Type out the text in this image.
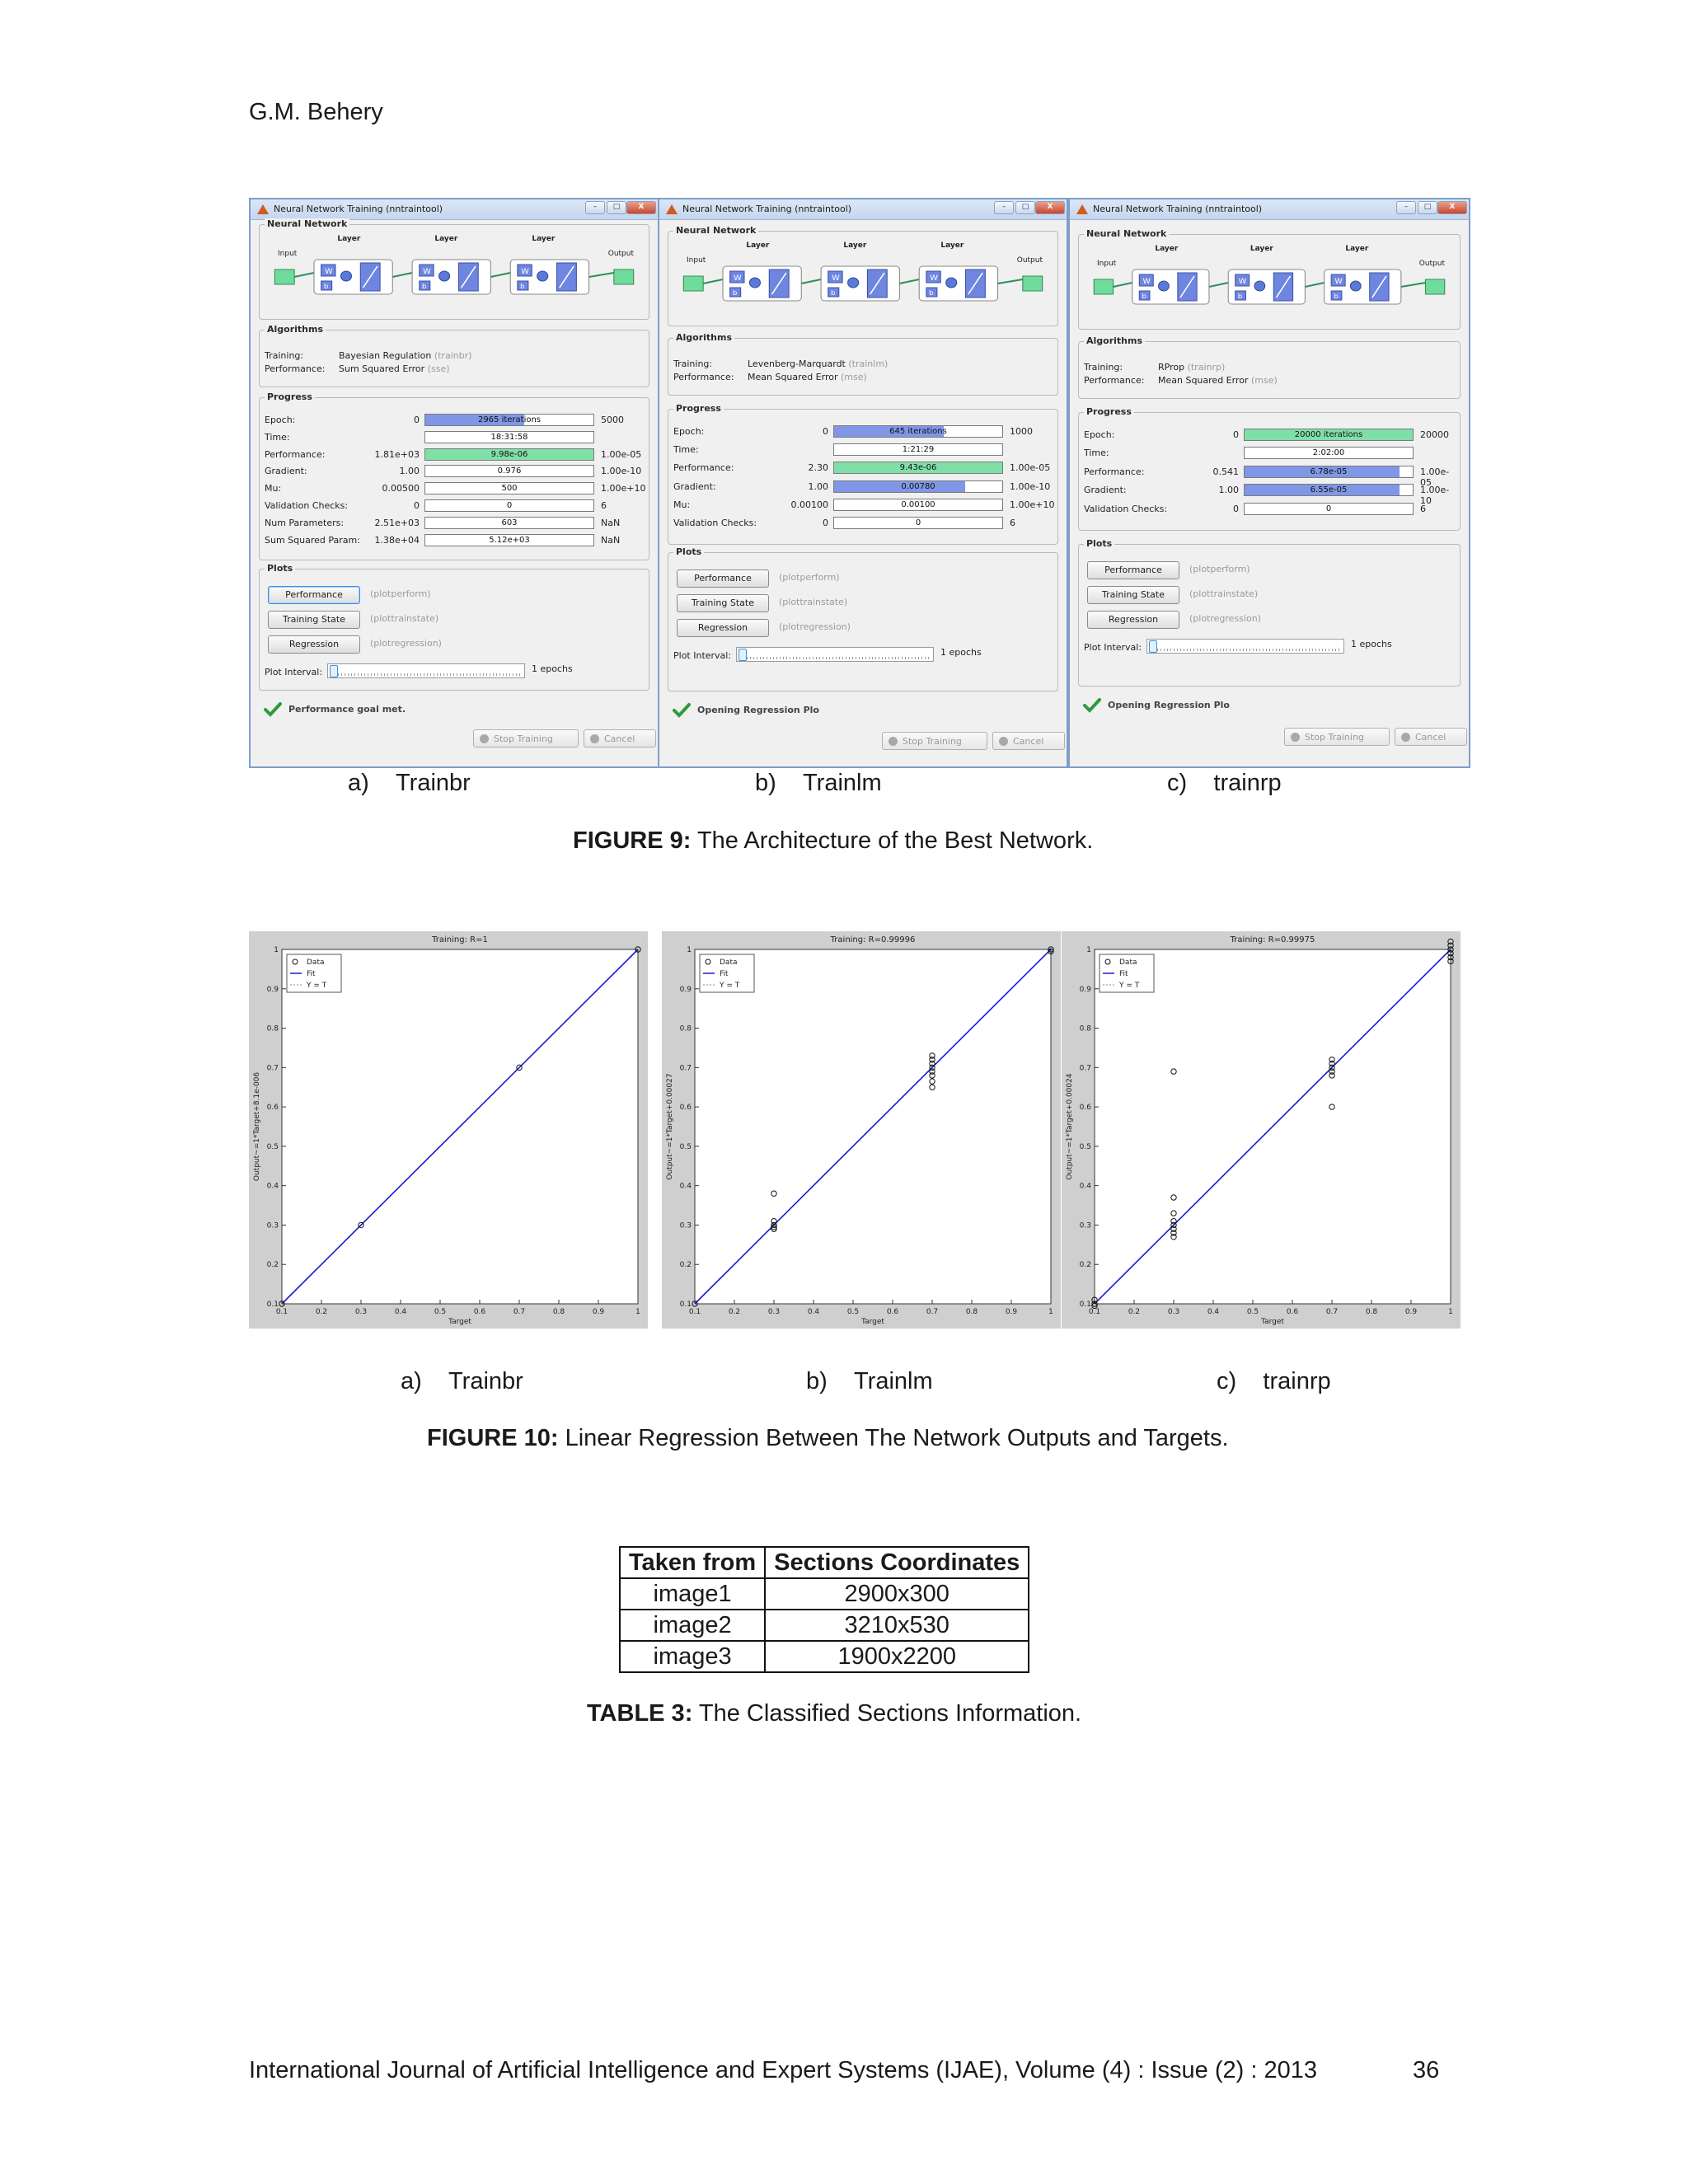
G.M. Behery
Neural Network Training (nntraintool)	–	□	X
Neural Network
Input	Output
Layer	Layer	Layer
W
b
W
b
W
b
Algorithms
Training:	Bayesian Regulation (trainbr)
Performance: Sum Squared Error (sse)
Progress
Epoch:	0	2965 iterations	5000
Time:	18:31:58
Performance:	1.81e+03	9.98e-06	1.00e-05
Gradient:	1.00	0.976	1.00e-10
Mu:	0.00500	500	1.00e+10
Validation Checks:	0	0	6
Num Parameters:	2.51e+03	603	NaN
Sum Squared Param:	1.38e+04	5.12e+03	NaN
Plots
Performance	(plotperform)
Training State	(plottrainstate)
Regression	(plotregression)
Plot Interval:	1 epochs
Performance goal met.
Stop Training	Cancel
Neural Network Training (nntraintool)	–	□	X
Neural Network
Input	Output
Layer	Layer	Layer
W
b
W
b
W
b
Algorithms
Training:	Levenberg-Marquardt (trainlm)
Performance: Mean Squared Error (mse)
Progress
Epoch:	0	645 iterations	1000
Time:	1:21:29
Performance:	2.30	9.43e-06	1.00e-05
Gradient:	1.00	0.00780	1.00e-10
Mu:	0.00100	0.00100	1.00e+10
Validation Checks:	0	0	6
Plots
Performance	(plotperform)
Training State	(plottrainstate)
Regression	(plotregression)
Plot Interval:	1 epochs
Opening Regression Plo
Stop Training	Cancel
Neural Network Training (nntraintool)	–	□	X
Neural Network
Input	Output
Layer	Layer	Layer
W
b
W
b
W
b
Algorithms
Training:	RProp (trainrp)
Performance: Mean Squared Error (mse)
Progress
Epoch:	0	20000 iterations	20000
Time:	2:02:00
Performance:	0.541	6.78e-05	1.00e-05
Gradient:	1.00	6.55e-05	1.00e-10
Validation Checks:	0	0	6
Plots
Performance	(plotperform)
Training State	(plottrainstate)
Regression	(plotregression)
Plot Interval:	1 epochs
Opening Regression Plo
Stop Training	Cancel
a) Trainbr	b) Trainlm	c) trainrp
FIGURE 9: The Architecture of the Best Network.
Training: R=1
0.1	0.2	0.3	0.4	0.5	0.6	0.7	0.8	0.9	1
0.1
0.2
0.3
0.4
0.5
0.6
0.7
0.8
0.9
1
Target
Output~=1*Target+8.1e-006
Data
Fit
Y = T
Training: R=0.99996
0.1	0.2	0.3	0.4	0.5	0.6	0.7	0.8	0.9	1
0.1
0.2
0.3
0.4
0.5
0.6
0.7
0.8
0.9
1
Target
Output~=1*Target+0.00027
Data
Fit
Y = T
Training: R=0.99975
0.1	0.2	0.3	0.4	0.5	0.6	0.7	0.8	0.9	1
0.1
0.2
0.3
0.4
0.5
0.6
0.7
0.8
0.9
1
Target
Output~=1*Target+0.00024
Data
Fit
Y = T
a) Trainbr	b) Trainlm	c) trainrp
FIGURE 10: Linear Regression Between The Network Outputs and Targets.
Taken from	Sections Coordinates
image1	2900x300
image2	3210x530
image3	1900x2200
TABLE 3: The Classified Sections Information.
International Journal of Artificial Intelligence and Expert Systems (IJAE), Volume (4) : Issue (2) : 2013	36
